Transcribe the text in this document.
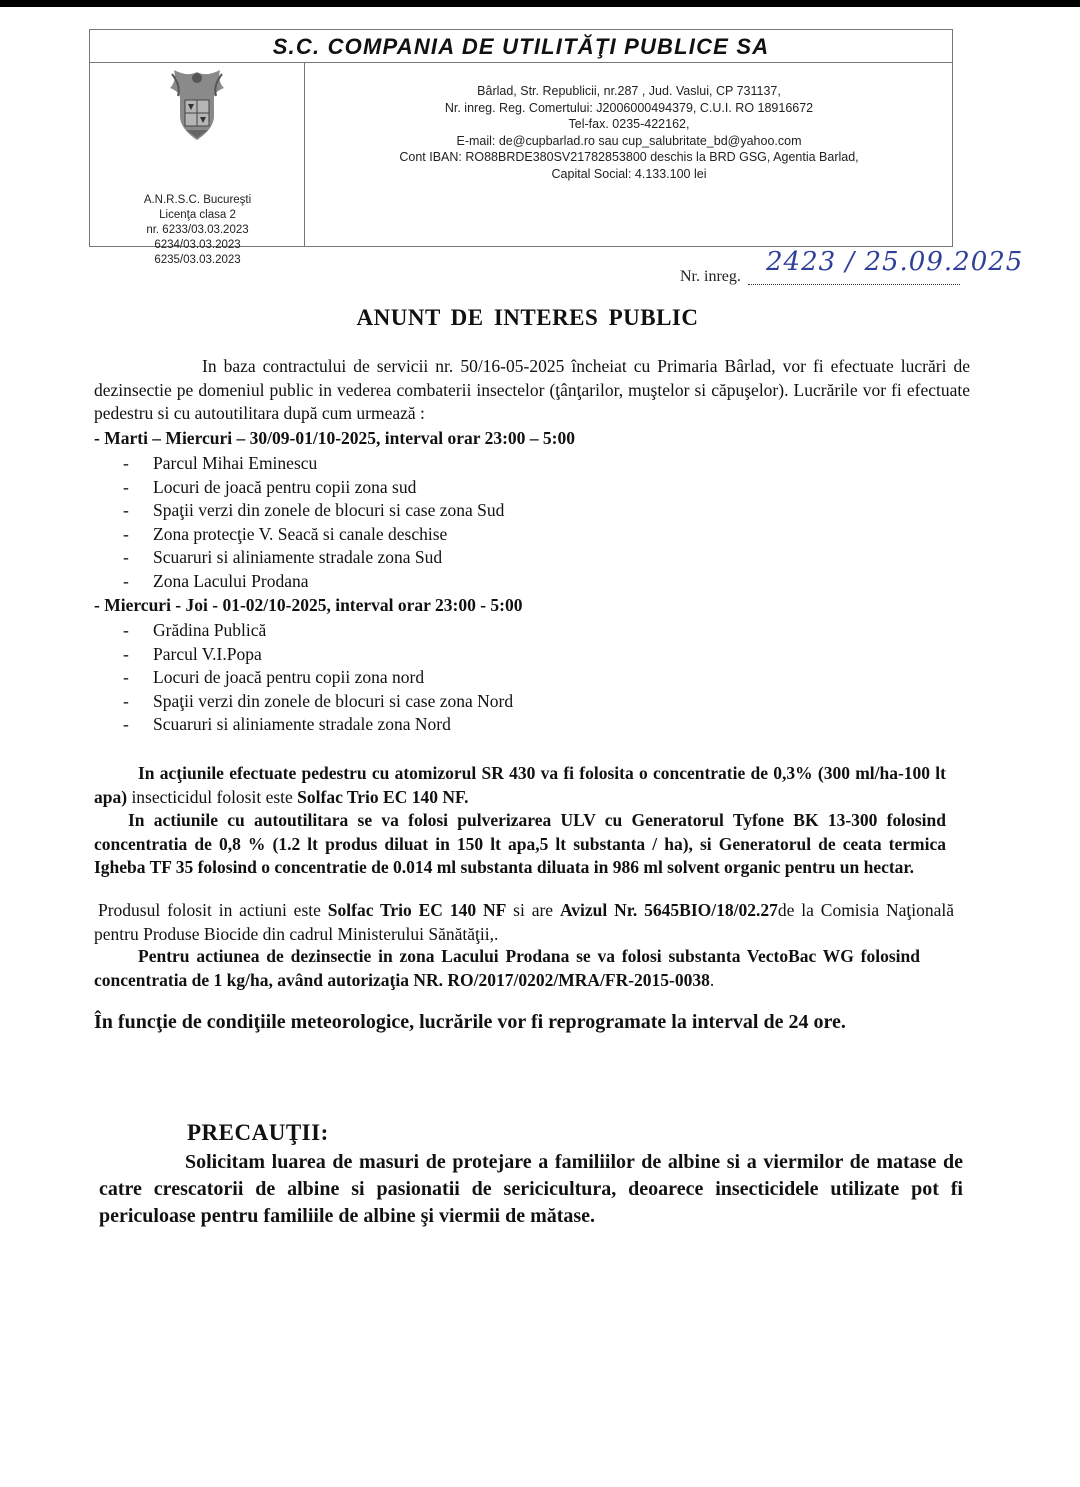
S.C. COMPANIA DE UTILITĂŢI PUBLICE SA
A.N.R.S.C. Bucureşti
Licenţa clasa 2
nr. 6233/03.03.2023
6234/03.03.2023
6235/03.03.2023
Bârlad, Str. Republicii, nr.287 , Jud. Vaslui, CP 731137,
Nr. inreg. Reg. Comertului: J2006000494379, C.U.I. RO 18916672
Tel-fax. 0235-422162,
E-mail: de@cupbarlad.ro sau cup_salubritate_bd@yahoo.com
Cont IBAN: RO88BRDE380SV21782853800 deschis la BRD GSG, Agentia Barlad,
Capital Social: 4.133.100 lei
Nr. inreg. 2423 / 25.09.2025
ANUNT DE INTERES PUBLIC
In baza contractului de servicii nr. 50/16-05-2025 încheiat cu Primaria Bârlad, vor fi efectuate lucrări de dezinsectie pe domeniul public in vederea combaterii insectelor (ţânţarilor, muştelor si căpuşelor). Lucrările vor fi efectuate pedestru si cu autoutilitara după cum urmează :
- Marti – Miercuri – 30/09-01/10-2025, interval orar 23:00 – 5:00
- Parcul Mihai Eminescu
- Locuri de joacă pentru copii zona sud
- Spaţii verzi din zonele de blocuri si case zona Sud
- Zona protecţie V. Seacă si canale deschise
- Scuaruri si aliniamente stradale zona Sud
- Zona Lacului Prodana
- Miercuri - Joi - 01-02/10-2025, interval orar 23:00 - 5:00
- Grădina Publică
- Parcul V.I.Popa
- Locuri de joacă pentru copii zona nord
- Spaţii verzi din zonele de blocuri si case zona Nord
- Scuaruri si aliniamente stradale zona Nord
In acţiunile efectuate pedestru cu atomizorul SR 430 va fi folosita o concentratie de 0,3% (300 ml/ha-100 lt apa) insecticidul folosit este Solfac Trio EC 140 NF.
In actiunile cu autoutilitara se va folosi pulverizarea ULV cu Generatorul Tyfone BK 13-300 folosind concentratia de 0,8 % (1.2 lt produs diluat in 150 lt apa,5 lt substanta / ha), si Generatorul de ceata termica Igheba TF 35 folosind o concentratie de 0.014 ml substanta diluata in 986 ml solvent organic pentru un hectar.
Produsul folosit in actiuni este Solfac Trio EC 140 NF si are Avizul Nr. 5645BIO/18/02.27de la Comisia Naţională pentru Produse Biocide din cadrul Ministerului Sănătăţii,.
Pentru actiunea de dezinsectie in zona Lacului Prodana se va folosi substanta VectoBac WG folosind concentratia de 1 kg/ha, având autorizaţia NR. RO/2017/0202/MRA/FR-2015-0038.
În funcţie de condiţiile meteorologice, lucrările vor fi reprogramate la interval de 24 ore.
PRECAUŢII:
Solicitam luarea de masuri de protejare a familiilor de albine si a viermilor de matase de catre crescatorii de albine si pasionatii de sericicultura, deoarece insecticidele utilizate pot fi periculoase pentru familiile de albine şi viermii de mătase.
